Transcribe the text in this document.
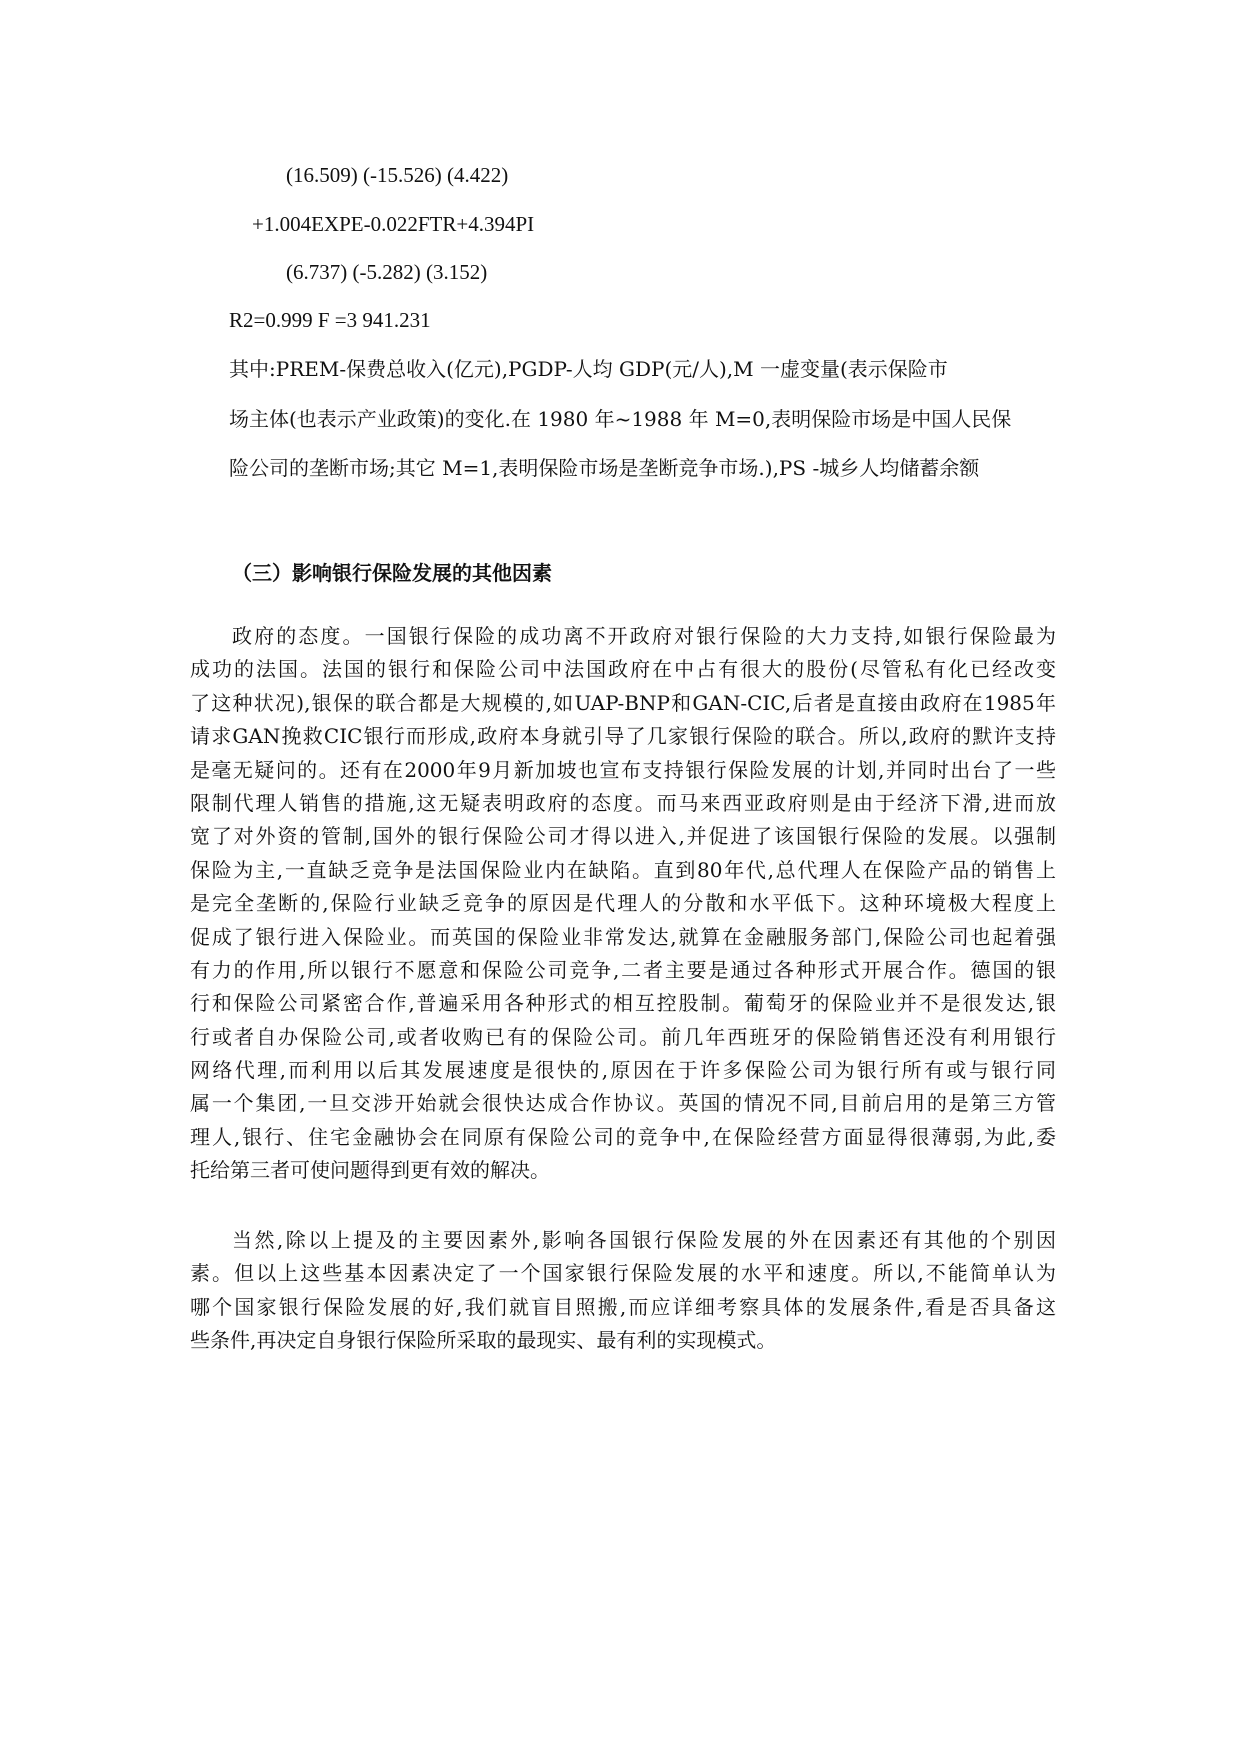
(16.509) (-15.526) (4.422)
+1.004EXPE-0.022FTR+4.394PI
(6.737) (-5.282) (3.152)
R2=0.999 F =3 941.231
其中:PREM-保费总收入(亿元),PGDP-人均 GDP(元/人),M 一虚变量(表示保险市
场主体(也表示产业政策)的变化.在 1980 年~1988 年 M=0,表明保险市场是中国人民保
险公司的垄断市场;其它 M=1,表明保险市场是垄断竞争市场.),PS -城乡人均储蓄余额
（三）影响银行保险发展的其他因素
政府的态度。一国银行保险的成功离不开政府对银行保险的大力支持,如银行保险最为
成功的法国。法国的银行和保险公司中法国政府在中占有很大的股份(尽管私有化已经改变
了这种状况),银保的联合都是大规模的,如UAP-BNP和GAN-CIC,后者是直接由政府在1985年
请求GAN挽救CIC银行而形成,政府本身就引导了几家银行保险的联合。所以,政府的默许支持
是毫无疑问的。还有在2000年9月新加坡也宣布支持银行保险发展的计划,并同时出台了一些
限制代理人销售的措施,这无疑表明政府的态度。而马来西亚政府则是由于经济下滑,进而放
宽了对外资的管制,国外的银行保险公司才得以进入,并促进了该国银行保险的发展。以强制
保险为主,一直缺乏竞争是法国保险业内在缺陷。直到80年代,总代理人在保险产品的销售上
是完全垄断的,保险行业缺乏竞争的原因是代理人的分散和水平低下。这种环境极大程度上
促成了银行进入保险业。而英国的保险业非常发达,就算在金融服务部门,保险公司也起着强
有力的作用,所以银行不愿意和保险公司竞争,二者主要是通过各种形式开展合作。德国的银
行和保险公司紧密合作,普遍采用各种形式的相互控股制。葡萄牙的保险业并不是很发达,银
行或者自办保险公司,或者收购已有的保险公司。前几年西班牙的保险销售还没有利用银行
网络代理,而利用以后其发展速度是很快的,原因在于许多保险公司为银行所有或与银行同
属一个集团,一旦交涉开始就会很快达成合作协议。英国的情况不同,目前启用的是第三方管
理人,银行、住宅金融协会在同原有保险公司的竞争中,在保险经营方面显得很薄弱,为此,委
托给第三者可使问题得到更有效的解决。
当然,除以上提及的主要因素外,影响各国银行保险发展的外在因素还有其他的个别因
素。但以上这些基本因素决定了一个国家银行保险发展的水平和速度。所以,不能简单认为
哪个国家银行保险发展的好,我们就盲目照搬,而应详细考察具体的发展条件,看是否具备这
些条件,再决定自身银行保险所采取的最现实、最有利的实现模式。
